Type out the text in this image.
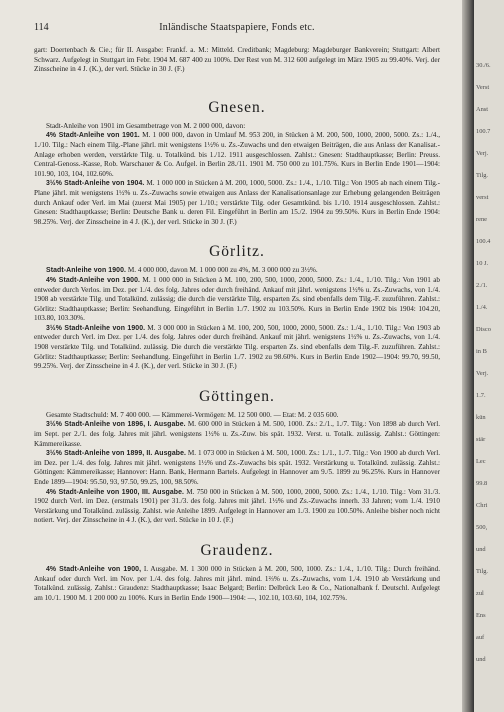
114	Inländische Staatspapiere, Fonds etc.

gart: Doertenbach & Cie.; für II. Ausgabe: Frankf. a. M.: Mitteld. Creditbank; Magdeburg: Magdeburger Bankverein; Stuttgart: Albert Schwarz. Aufgelegt in Stuttgart im Febr. 1904 M. 687 400 zu 100%. Der Rest von M. 312 600 aufgelegt im März 1905 zu 99.40%. Verj. der Zinsscheine in 4 J. (K.), der verl. Stücke in 30 J. (F.)

Gnesen.

Stadt-Anleihe von 1901 im Gesamtbetrage von M. 2 000 000, davon:

4% Stadt-Anleihe von 1901. M. 1 000 000, davon in Umlauf M. 953 200, in Stücken à M. 200, 500, 1000, 2000, 5000. Zs.: 1./4., 1./10. Tilg.: Nach einem Tilg.-Plane jährl. mit wenigstens 1½% u. Zs.-Zuwachs und den etwaigen Beiträgen, die aus Anlass der Kanalisat.-Anlage erhoben werden, verstärkte Tilg. u. Totalkünd. bis 1./12. 1911 ausgeschlossen. Zahlst.: Gnesen: Stadthauptkasse; Berlin: Preuss. Central-Genoss.-Kasse, Rob. Warschauer & Co. Aufgel. in Berlin 28./11. 1901 M. 750 000 zu 101.75%. Kurs in Berlin Ende 1901—1904: 101.90, 103, 104, 102.60%.

3½% Stadt-Anleihe von 1904. M. 1 000 000 in Stücken à M. 200, 1000, 5000. Zs.: 1./4., 1./10. Tilg.: Von 1905 ab nach einem Tilg.-Plane jährl. mit wenigstens 1½% u. Zs.-Zuwachs sowie etwaigen aus Anlass der Kanalisationsanlage zur Erhebung gelangenden Beiträgen durch Ankauf oder Verl. im Mai (zuerst Mai 1905) per 1./10.; verstärkte Tilg. oder Gesamtkünd. bis 1./10. 1914 ausgeschlossen. Zahlst.: Gnesen: Stadthauptkasse; Berlin: Deutsche Bank u. deren Fil. Eingeführt in Berlin am 15./2. 1904 zu 99.50%. Kurs in Berlin Ende 1904: 98.25%. Verj. der Zinsscheine in 4 J. (K.), der verl. Stücke in 30 J. (F.)

Görlitz.

Stadt-Anleihe von 1900. M. 4 000 000, davon M. 1 000 000 zu 4%, M. 3 000 000 zu 3½%.

4% Stadt-Anleihe von 1900. M. 1 000 000 in Stücken à M. 100, 200, 500, 1000, 2000, 5000. Zs.: 1./4., 1./10. Tilg.: Von 1901 ab entweder durch Verlos. im Dez. per 1./4. des folg. Jahres oder durch freihänd. Ankauf mit jährl. wenigstens 1½% u. Zs.-Zuwachs, von 1./4. 1908 ab verstärkte Tilg. und Totalkünd. zulässig; die durch die verstärkte Tilg. ersparten Zs. sind ebenfalls dem Tilg.-F. zuzuführen. Zahlst.: Görlitz: Stadthauptkasse; Berlin: Seehandlung. Eingeführt in Berlin 1./7. 1902 zu 103.50%. Kurs in Berlin Ende 1902 bis 1904: 104.20, 103.80, 103.30%.

3½% Stadt-Anleihe von 1900. M. 3 000 000 in Stücken à M. 100, 200, 500, 1000, 2000, 5000. Zs.: 1./4., 1./10. Tilg.: Von 1903 ab entweder durch Verl. im Dez. per 1./4. des folg. Jahres oder durch freihänd. Ankauf mit jährl. wenigstens 1½% u. Zs.-Zuwachs, von 1./4. 1908 verstärkte Tilg. und Totalkünd. zulässig. Die durch die verstärkte Tilg. ersparten Zs. sind ebenfalls dem Tilg.-F. zuzuführen. Zahlst.: Görlitz: Stadthauptkasse; Berlin: Seehandlung. Eingeführt in Berlin 1./7. 1902 zu 98.60%. Kurs in Berlin Ende 1902—1904: 99.70, 99.50, 99.25%. Verj. der Zinsscheine in 4 J. (K.), der verl. Stücke in 30 J. (F.)

Göttingen.

Gesamte Stadtschuld: M. 7 400 000. — Kämmerei-Vermögen: M. 12 500 000. — Etat: M. 2 035 600.

3½% Stadt-Anleihe von 1896, I. Ausgabe. M. 600 000 in Stücken à M. 500, 1000. Zs.: 2./1., 1./7. Tilg.: Von 1898 ab durch Verl. im Sept. per 2./1. des folg. Jahres mit jährl. wenigstens 1½% u. Zs.-Zuw. bis spät. 1932. Verst. u. Totalk. zulässig. Zahlst.: Göttingen: Kämmereikasse.

3½% Stadt-Anleihe von 1899, II. Ausgabe. M. 1 073 000 in Stücken à M. 500, 1000. Zs.: 1./1., 1./7. Tilg.: Von 1900 ab durch Verl. im Dez. per 1./4. des folg. Jahres mit jährl. wenigstens 1½% und Zs.-Zuwachs bis spät. 1932. Verstärkung u. Totalkünd. zulässig. Zahlst.: Göttingen: Kämmereikasse; Hannover: Hann. Bank, Hermann Bartels. Aufgelegt in Hannover am 9./5. 1899 zu 96.25%. Kurs in Hannover Ende 1899—1904: 95.50, 93, 97.50, 99.25, 100, 98.50%.

4% Stadt-Anleihe von 1900, III. Ausgabe. M. 750 000 in Stücken à M. 500, 1000, 2000, 5000. Zs.: 1./4., 1./10. Tilg.: Vom 31./3. 1902 durch Verl. im Dez. (erstmals 1901) per 31./3. des folg. Jahres mit jährl. 1½% und Zs.-Zuwachs innerh. 33 Jahren; vom 1./4. 1910 Verstärkung und Totalkünd. zulässig. Zahlst. wie Anleihe 1899. Aufgelegt in Hannover am 1./3. 1900 zu 100.50%. Anleihe bisher noch nicht notiert. Verj. der Zinsscheine in 4 J. (K.), der verl. Stücke in 10 J. (F.)

Graudenz.

4% Stadt-Anleihe von 1900, I. Ausgabe. M. 1 300 000 in Stücken à M. 200, 500, 1000. Zs.: 1./4., 1./10. Tilg.: Durch freihänd. Ankauf oder durch Verl. im Nov. per 1./4. des folg. Jahres mit jährl. mind. 1⅔% u. Zs.-Zuwachs, vom 1./4. 1910 ab Verstärkung und Totalkünd. zulässig. Zahlst.: Graudenz: Stadthauptkasse; Isaac Belgard; Berlin: Delbrück Leo & Co., Nationalbank f. Deutschl. Aufgelegt am 10./1. 1900 M. 1 200 000 zu 100%. Kurs in Berlin Ende 1900—1904: —, 102.10, 103.60, 104, 102.75%.

30./6.
Verst
Anst
100.7
Verj.
Tilg.
verst
rene
100.4
10 J.
2./1.
1./4.
Disco
in B
Verj.
1.7.
kün
stär
Lec
99.8
Chri
500,
und
Tilg.
zul
Ens
auf
und
